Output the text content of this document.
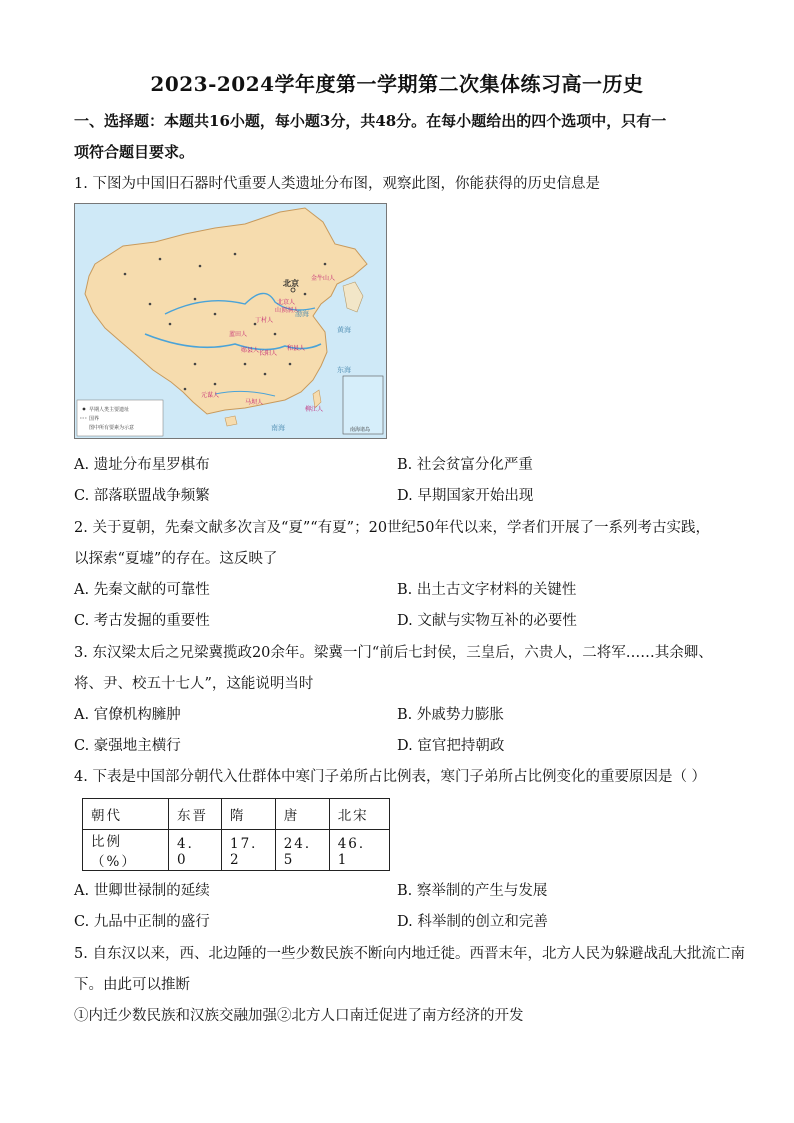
2023-2024学年度第一学期第二次集体练习高一历史
一、选择题：本题共16小题，每小题3分，共48分。在每小题给出的四个选项中，只有一
项符合题目要求。
1. 下图为中国旧石器时代重要人类遗址分布图，观察此图，你能获得的历史信息是
南海诸岛
早期人类主要遗址
国界
图中所有要素为示意
北京
金牛山人
北京人
山顶洞人
丁村人
蓝田人
和县人
郧县人 长阳人
元谋人
马坝人
柳江人
渤海
黄海
东海
南海
A. 遗址分布星罗棋布	B. 社会贫富分化严重
C. 部落联盟战争频繁	D. 早期国家开始出现
2. 关于夏朝，先秦文献多次言及“夏”“有夏”；20世纪50年代以来，学者们开展了一系列考古实践，
以探索“夏墟”的存在。这反映了
A. 先秦文献的可靠性	B. 出土古文字材料的关键性
C. 考古发掘的重要性	D. 文献与实物互补的必要性
3. 东汉梁太后之兄梁冀揽政20余年。梁冀一门“前后七封侯，三皇后，六贵人，二将军……其余卿、
将、尹、校五十七人”，这能说明当时
A. 官僚机构臃肿	B. 外戚势力膨胀
C. 豪强地主横行	D. 宦官把持朝政
4. 下表是中国部分朝代入仕群体中寒门子弟所占比例表，寒门子弟所占比例变化的重要原因是（ ）
朝代	东晋	隋	唐	北宋
比例（%）	4．0	17．2	24．5	46．1
A. 世卿世禄制的延续	B. 察举制的产生与发展
C. 九品中正制的盛行	D. 科举制的创立和完善
5. 自东汉以来，西、北边陲的一些少数民族不断向内地迁徙。西晋末年，北方人民为躲避战乱大批流亡南
下。由此可以推断
①内迁少数民族和汉族交融加强②北方人口南迁促进了南方经济的开发
